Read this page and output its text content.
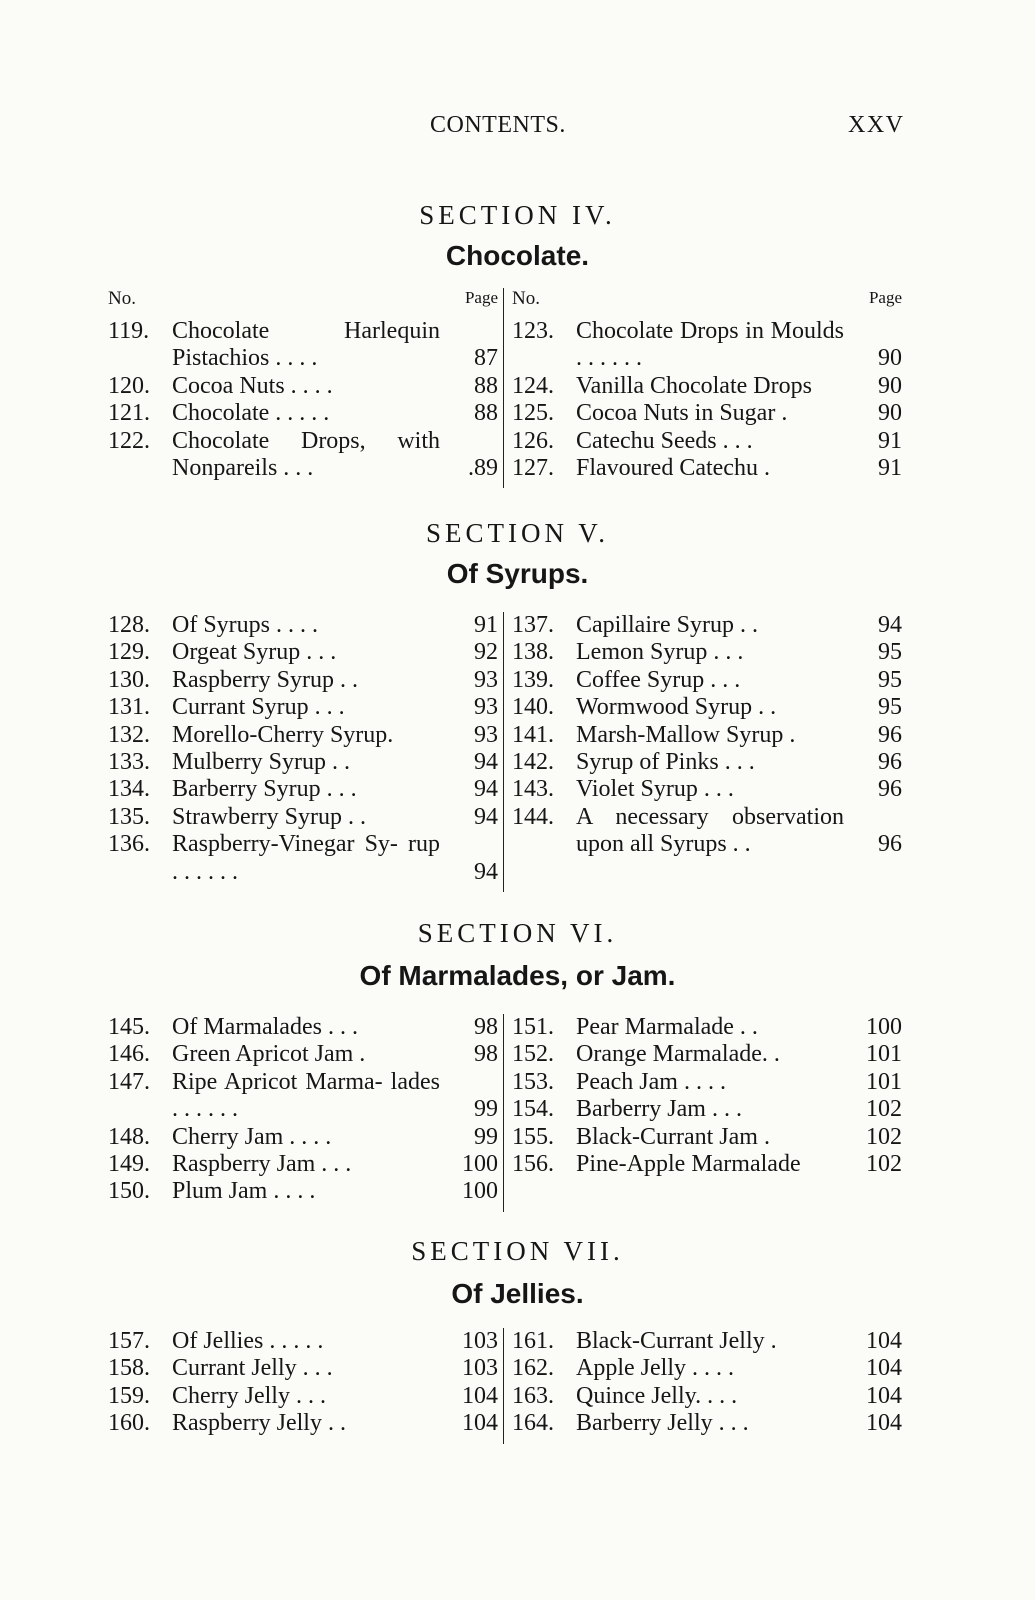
CONTENTS.	XXV
SECTION IV.
Chocolate.
No.	Page
119. Chocolate Harlequin Pistachios . . . .	87
120. Cocoa Nuts . . . .	88
121. Chocolate . . . . .	88
122. Chocolate Drops, with Nonpareils . . .	.89
No.	Page
123. Chocolate Drops in Moulds . . . . . .	90
124. Vanilla Chocolate Drops	90
125. Cocoa Nuts in Sugar .	90
126. Catechu Seeds . . .	91
127. Flavoured Catechu .	91
SECTION V.
Of Syrups.
128. Of Syrups . . . .	91
129. Orgeat Syrup . . .	92
130. Raspberry Syrup . .	93
131. Currant Syrup . . .	93
132. Morello-Cherry Syrup.	93
133. Mulberry Syrup . .	94
134. Barberry Syrup . . .	94
135. Strawberry Syrup . .	94
136. Raspberry-Vinegar Sy- rup . . . . . .	94
137. Capillaire Syrup . .	94
138. Lemon Syrup . . .	95
139. Coffee Syrup . . .	95
140. Wormwood Syrup . .	95
141. Marsh-Mallow Syrup .	96
142. Syrup of Pinks . . .	96
143. Violet Syrup . . .	96
144. A necessary observation upon all Syrups . .	96
SECTION VI.
Of Marmalades, or Jam.
145. Of Marmalades . . .	98
146. Green Apricot Jam .	98
147. Ripe Apricot Marma- lades . . . . . .	99
148. Cherry Jam . . . .	99
149. Raspberry Jam . . .	100
150. Plum Jam . . . .	100
151. Pear Marmalade . .	100
152. Orange Marmalade. .	101
153. Peach Jam . . . .	101
154. Barberry Jam . . .	102
155. Black-Currant Jam .	102
156. Pine-Apple Marmalade	102
SECTION VII.
Of Jellies.
157. Of Jellies . . . . .	103
158. Currant Jelly . . .	103
159. Cherry Jelly . . .	104
160. Raspberry Jelly . .	104
161. Black-Currant Jelly .	104
162. Apple Jelly . . . .	104
163. Quince Jelly. . . .	104
164. Barberry Jelly . . .	104
